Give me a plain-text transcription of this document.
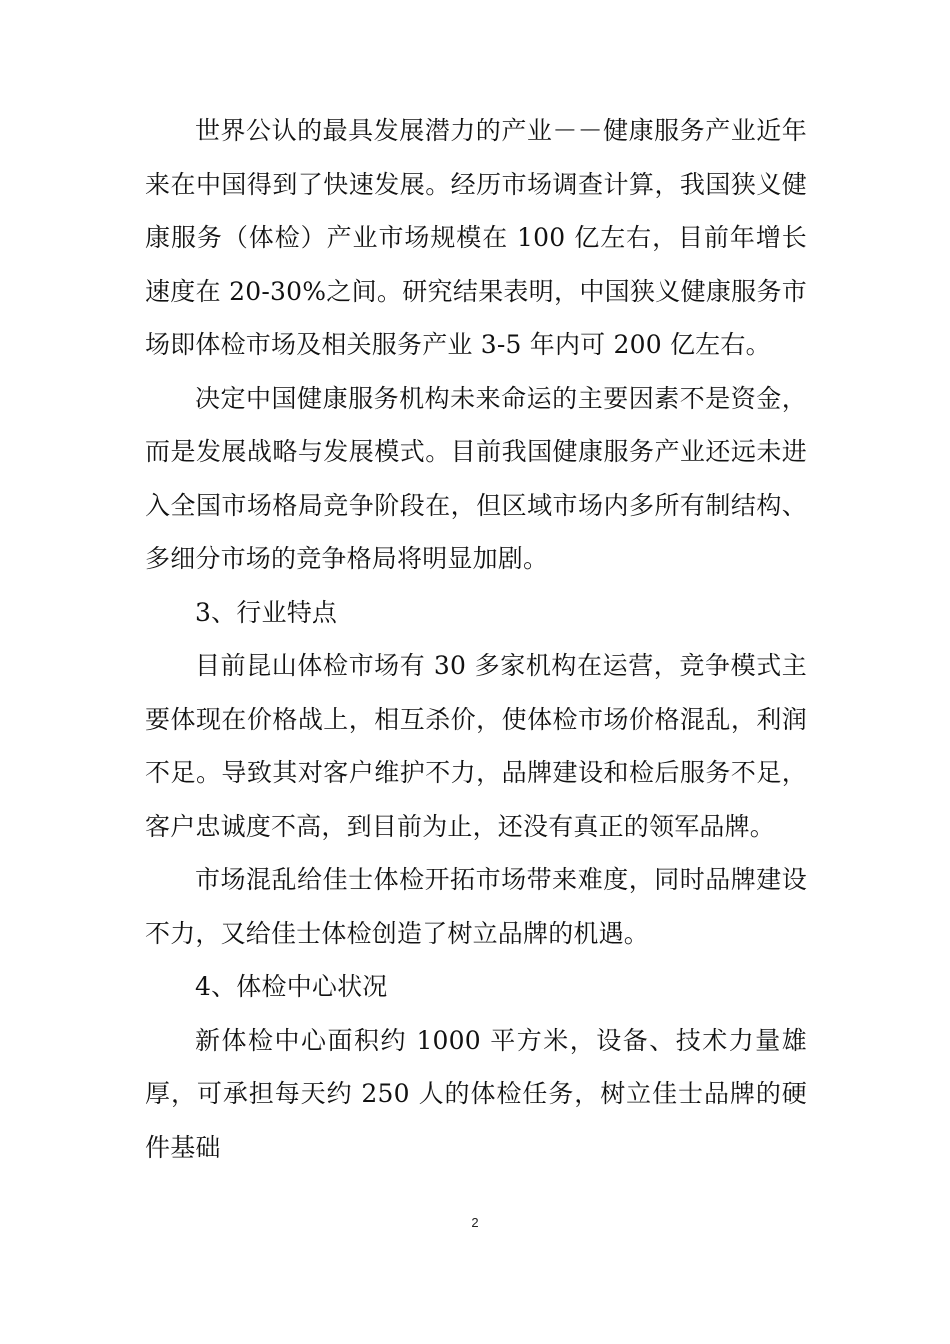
世界公认的最具发展潜力的产业－－健康服务产业近年来在中国得到了快速发展。经历市场调查计算，我国狭义健康服务（体检）产业市场规模在 100 亿左右，目前年增长速度在 20-30%之间。研究结果表明，中国狭义健康服务市场即体检市场及相关服务产业 3-5 年内可 200 亿左右。

决定中国健康服务机构未来命运的主要因素不是资金，而是发展战略与发展模式。目前我国健康服务产业还远未进入全国市场格局竞争阶段在，但区域市场内多所有制结构、多细分市场的竞争格局将明显加剧。

3、行业特点

目前昆山体检市场有 30 多家机构在运营，竞争模式主要体现在价格战上，相互杀价，使体检市场价格混乱，利润不足。导致其对客户维护不力，品牌建设和检后服务不足，客户忠诚度不高，到目前为止，还没有真正的领军品牌。

市场混乱给佳士体检开拓市场带来难度，同时品牌建设不力，又给佳士体检创造了树立品牌的机遇。

4、体检中心状况

新体检中心面积约 1000 平方米，设备、技术力量雄厚，可承担每天约 250 人的体检任务，树立佳士品牌的硬件基础

2
